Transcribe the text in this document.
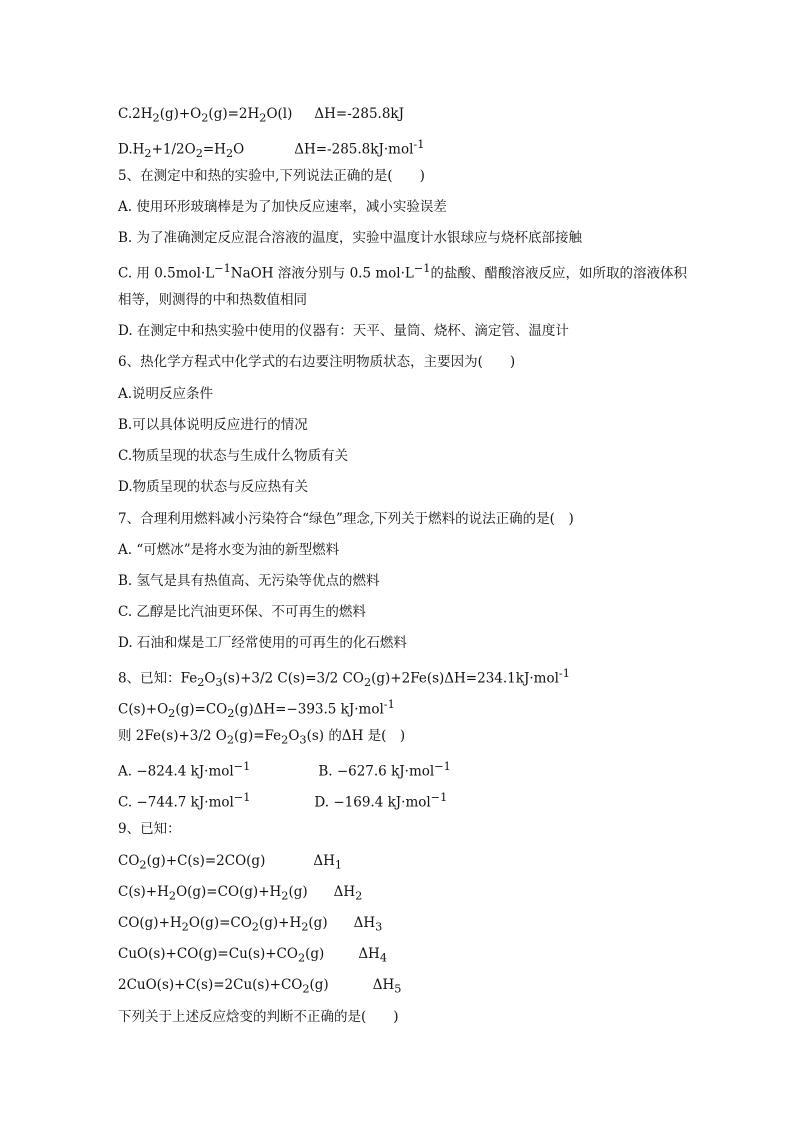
$C.2H_2(g)+O_2(g)=2H_2O(l)$ ΔH=-285.8kJ
$D.H_2+1/2O_2=H_2O$	ΔH=-285.8kJ·mol$^{-1}$
5、在测定中和热的实验中,下列说法正确的是(　　)
A. 使用环形玻璃棒是为了加快反应速率，减小实验误差
B. 为了准确测定反应混合溶液的温度，实验中温度计水银球应与烧杯底部接触
C. 用 $0.5mol\cdot L^{-1}NaOH$ 溶液分别与 0.5 $mol\cdot L^{-1}$的盐酸、醋酸溶液反应，如所取的溶液体积
相等，则测得的中和热数值相同
D. 在测定中和热实验中使用的仪器有：天平、量筒、烧杯、滴定管、温度计
6、热化学方程式中化学式的右边要注明物质状态，主要因为(　　)
A.说明反应条件
B.可以具体说明反应进行的情况
C.物质呈现的状态与生成什么物质有关
D.物质呈现的状态与反应热有关
7、合理利用燃料减小污染符合“绿色”理念,下列关于燃料的说法正确的是(　)
A. “可燃冰”是将水变为油的新型燃料
B. 氢气是具有热值高、无污染等优点的燃料
C. 乙醇是比汽油更环保、不可再生的燃料
D. 石油和煤是工厂经常使用的可再生的化石燃料
8、已知：$Fe_2O_3(s)+3/2$ C(s)=3/2 $CO_2(g)+2Fe(s)\Delta H=234.1kJ\cdot mol^{-1}$
$C(s)+O_2(g)=CO_2(g)\Delta H=-393.5$ kJ·mol$^{-1}$
则 2Fe(s)+3/2 $O_2(g)=Fe_2O_3(s)$ 的ΔH 是(　)
A. −824.4 kJ·mol$^{-1}$	B. −627.6 kJ·mol$^{-1}$
C. −744.7 kJ·mol$^{-1}$	D. −169.4 kJ·mol$^{-1}$
9、已知：
$CO_2(g)+C(s)=2CO(g)$	$\Delta H_1$
$C(s)+H_2O(g)=CO(g)+H_2(g)$ $\Delta H_2$
$CO(g)+H_2O(g)=CO_2(g)+H_2(g)$ $\Delta H_3$
$CuO(s)+CO(g)=Cu(s)+CO_2(g)$	$\Delta H_4$
$2CuO(s)+C(s)=2Cu(s)+CO_2(g)$	$\Delta H_5$
下列关于上述反应焓变的判断不正确的是(　　)
